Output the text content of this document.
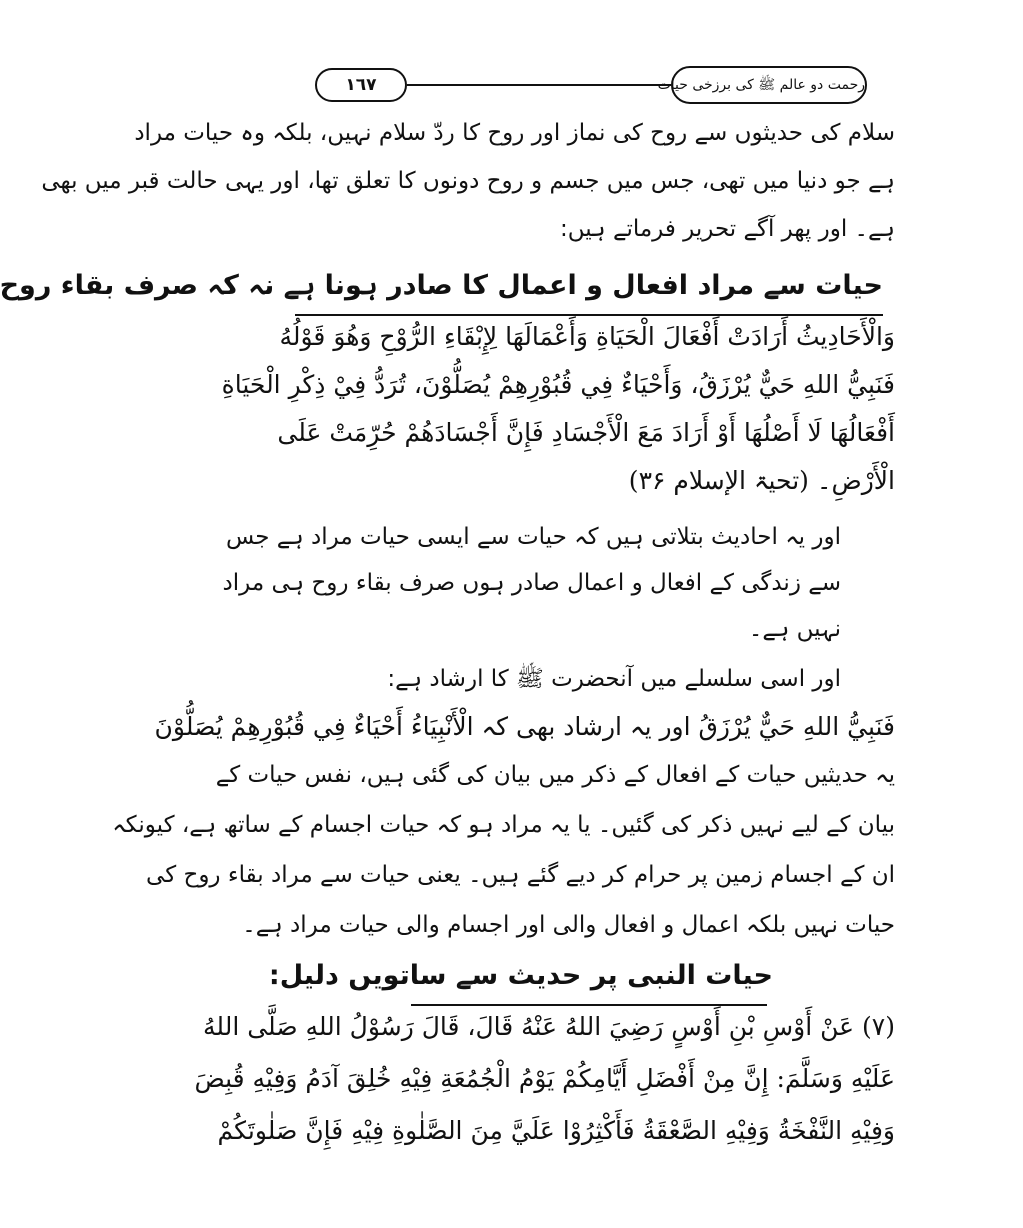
١٦٧	رحمت دو عالم ﷺ کی برزخی حیات
سلام کی حدیثوں سے روح کی نماز اور روح کا ردّ سلام نہیں، بلکہ وہ حیات مراد
ہے جو دنیا میں تھی، جس میں جسم و روح دونوں کا تعلق تھا، اور یہی حالت قبر میں بھی
ہے۔ اور پھر آگے تحریر فرماتے ہیں:
حیات سے مراد افعال و اعمال کا صادر ہونا ہے نہ کہ صرف بقاء روح
وَالْأَحَادِيثُ أَرَادَتْ أَفْعَالَ الْحَيَاةِ وَأَعْمَالَهَا لِإِبْقَاءِ الرُّوْحِ وَهُوَ قَوْلُهُ
فَنَبِيُّ اللهِ حَيٌّ يُرْزَقُ، وَأَحْيَاءٌ فِي قُبُوْرِهِمْ يُصَلُّوْنَ، تُرَدُّ فِيْ ذِكْرِ الْحَيَاةِ
أَفْعَالُهَا لَا أَصْلُهَا أَوْ أَرَادَ مَعَ الْأَجْسَادِ فَإِنَّ أَجْسَادَهُمْ حُرِّمَتْ عَلَى
الْأَرْضِ۔ (تحیۃ الإسلام ۳۶)
اور یہ احادیث بتلاتی ہیں کہ حیات سے ایسی حیات مراد ہے جس
سے زندگی کے افعال و اعمال صادر ہوں صرف بقاء روح ہی مراد
نہیں ہے۔
اور اسی سلسلے میں آنحضرت ﷺ کا ارشاد ہے:
فَنَبِيُّ اللهِ حَيٌّ يُرْزَقُ اور یہ ارشاد بھی کہ الْأَنْبِيَاءُ أَحْيَاءٌ فِي قُبُوْرِهِمْ يُصَلُّوْنَ
یہ حدیثیں حیات کے افعال کے ذکر میں بیان کی گئی ہیں، نفس حیات کے
بیان کے لیے نہیں ذکر کی گئیں۔ یا یہ مراد ہو کہ حیات اجسام کے ساتھ ہے، کیونکہ
ان کے اجسام زمین پر حرام کر دیے گئے ہیں۔ یعنی حیات سے مراد بقاء روح کی
حیات نہیں بلکہ اعمال و افعال والی اور اجسام والی حیات مراد ہے۔
حیات النبی پر حدیث سے ساتویں دلیل:
(۷) عَنْ أَوْسِ بْنِ أَوْسٍ رَضِيَ اللهُ عَنْهُ قَالَ، قَالَ رَسُوْلُ اللهِ صَلَّى اللهُ
عَلَيْهِ وَسَلَّمَ: إِنَّ مِنْ أَفْضَلِ أَيَّامِكُمْ يَوْمُ الْجُمُعَةِ فِيْهِ خُلِقَ آدَمُ وَفِيْهِ قُبِضَ
وَفِيْهِ النَّفْخَةُ وَفِيْهِ الصَّعْقَةُ فَأَكْثِرُوْا عَلَيَّ مِنَ الصَّلٰوةِ فِيْهِ فَإِنَّ صَلٰوتَكُمْ
